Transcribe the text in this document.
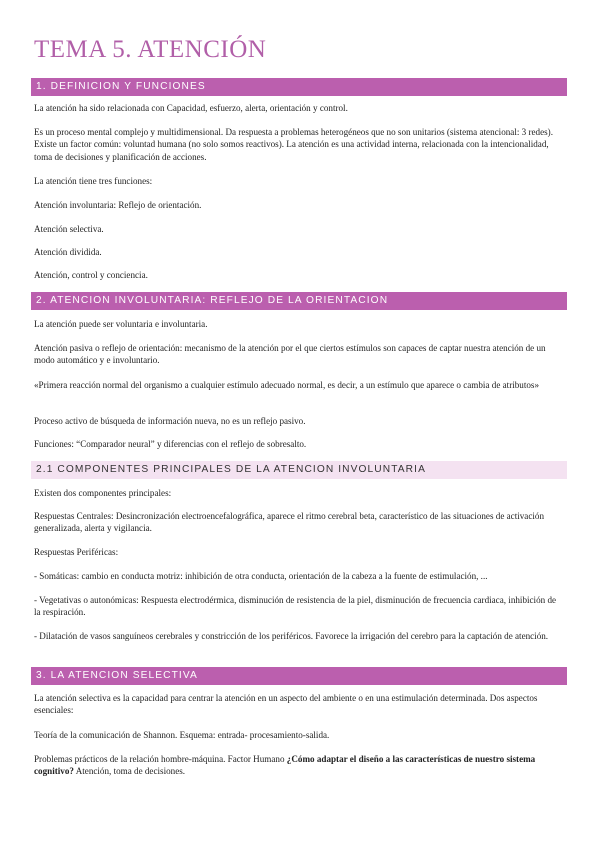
TEMA 5. ATENCIÓN
1. DEFINICION Y FUNCIONES
La atención ha sido relacionada con Capacidad, esfuerzo, alerta, orientación y control.
Es un proceso mental complejo y multidimensional. Da respuesta a problemas heterogéneos que no son unitarios (sistema atencional: 3 redes). Existe un factor común: voluntad humana (no solo somos reactivos). La atención es una actividad interna, relacionada con la intencionalidad, toma de decisiones y planificación de acciones.
La atención tiene tres funciones:
Atención involuntaria: Reflejo de orientación.
Atención selectiva.
Atención dividida.
Atención, control y conciencia.
2. ATENCION INVOLUNTARIA: REFLEJO DE LA ORIENTACION
La atención puede ser voluntaria e involuntaria.
Atención pasiva o reflejo de orientación: mecanismo de la atención por el que ciertos estímulos son capaces de captar nuestra atención de un modo automático y e involuntario.
«Primera reacción normal del organismo a cualquier estímulo adecuado normal, es decir, a un estímulo que aparece o cambia de atributos»
Proceso activo de búsqueda de información nueva, no es un reflejo pasivo.
Funciones: “Comparador neural” y diferencias con el reflejo de sobresalto.
2.1 COMPONENTES PRINCIPALES DE LA ATENCION INVOLUNTARIA
Existen dos componentes principales:
Respuestas Centrales: Desincronización electroencefalográfica, aparece el ritmo cerebral beta, característico de las situaciones de activación generalizada, alerta y vigilancia.
Respuestas Periféricas:
- Somáticas: cambio en conducta motriz: inhibición de otra conducta, orientación de la cabeza a la fuente de estimulación, ...
- Vegetativas o autonómicas: Respuesta electrodérmica, disminución de resistencia de la piel, disminución de frecuencia cardiaca, inhibición de la respiración.
- Dilatación de vasos sanguíneos cerebrales y constricción de los periféricos. Favorece la irrigación del cerebro para la captación de atención.
3. LA ATENCION SELECTIVA
La atención selectiva es la capacidad para centrar la atención en un aspecto del ambiente o en una estimulación determinada. Dos aspectos esenciales:
Teoría de la comunicación de Shannon. Esquema: entrada- procesamiento-salida.
Problemas prácticos de la relación hombre-máquina. Factor Humano ¿Cómo adaptar el diseño a las características de nuestro sistema cognitivo? Atención, toma de decisiones.
